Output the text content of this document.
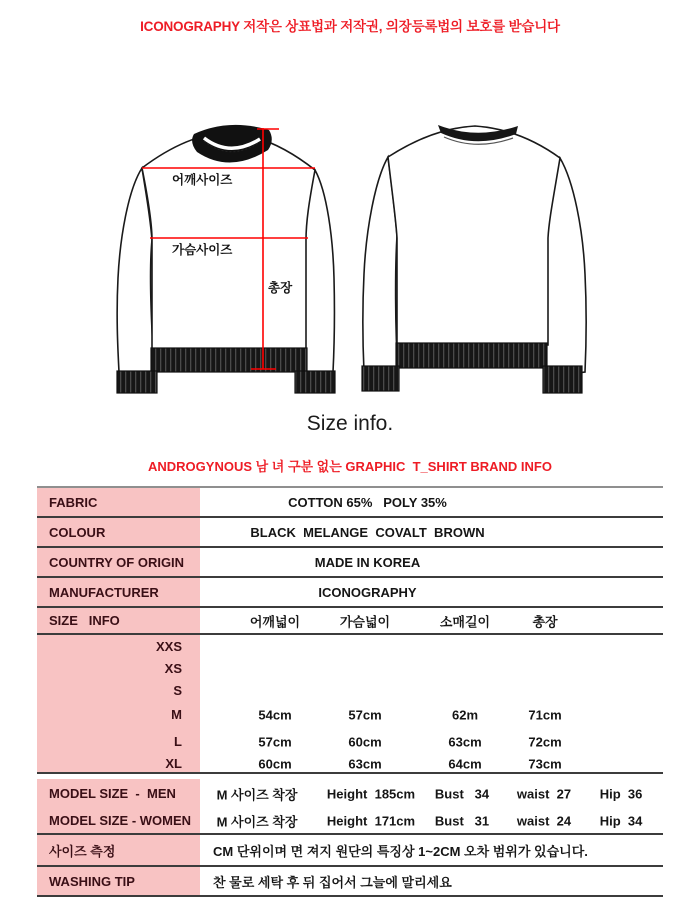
ICONOGRAPHY 저작은 상표법과 저작권, 의장등록법의 보호를 받습니다
어깨사이즈
가슴사이즈
총장
Size info.
ANDROGYNOUS 남 녀 구분 없는 GRAPHIC  T_SHIRT BRAND INFO
FABRIC	COTTON 65%   POLY 35%
COLOUR	BLACK  MELANGE  COVALT  BROWN
COUNTRY OF ORIGIN	MADE IN KOREA
MANUFACTURER	ICONOGRAPHY
SIZE   INFO	어깨넓이	가슴넓이	소매길이	총장
XXS
XS
S
M	54cm	57cm	62m	71cm
L	57cm	60cm	63cm	72cm
XL	60cm	63cm	64cm	73cm
MODEL SIZE  -  MEN	M 사이즈 착장	Height  185cm Bust   34 waist  27	Hip  36
MODEL SIZE - WOMEN	M 사이즈 착장	Height  171cm Bust   31 waist  24	Hip  34
사이즈 측정	CM 단위이며 면 져지 원단의 특징상 1~2CM 오차 범위가 있습니다.
WASHING TIP	찬 물로 세탁 후 뒤 집어서 그늘에 말리세요
